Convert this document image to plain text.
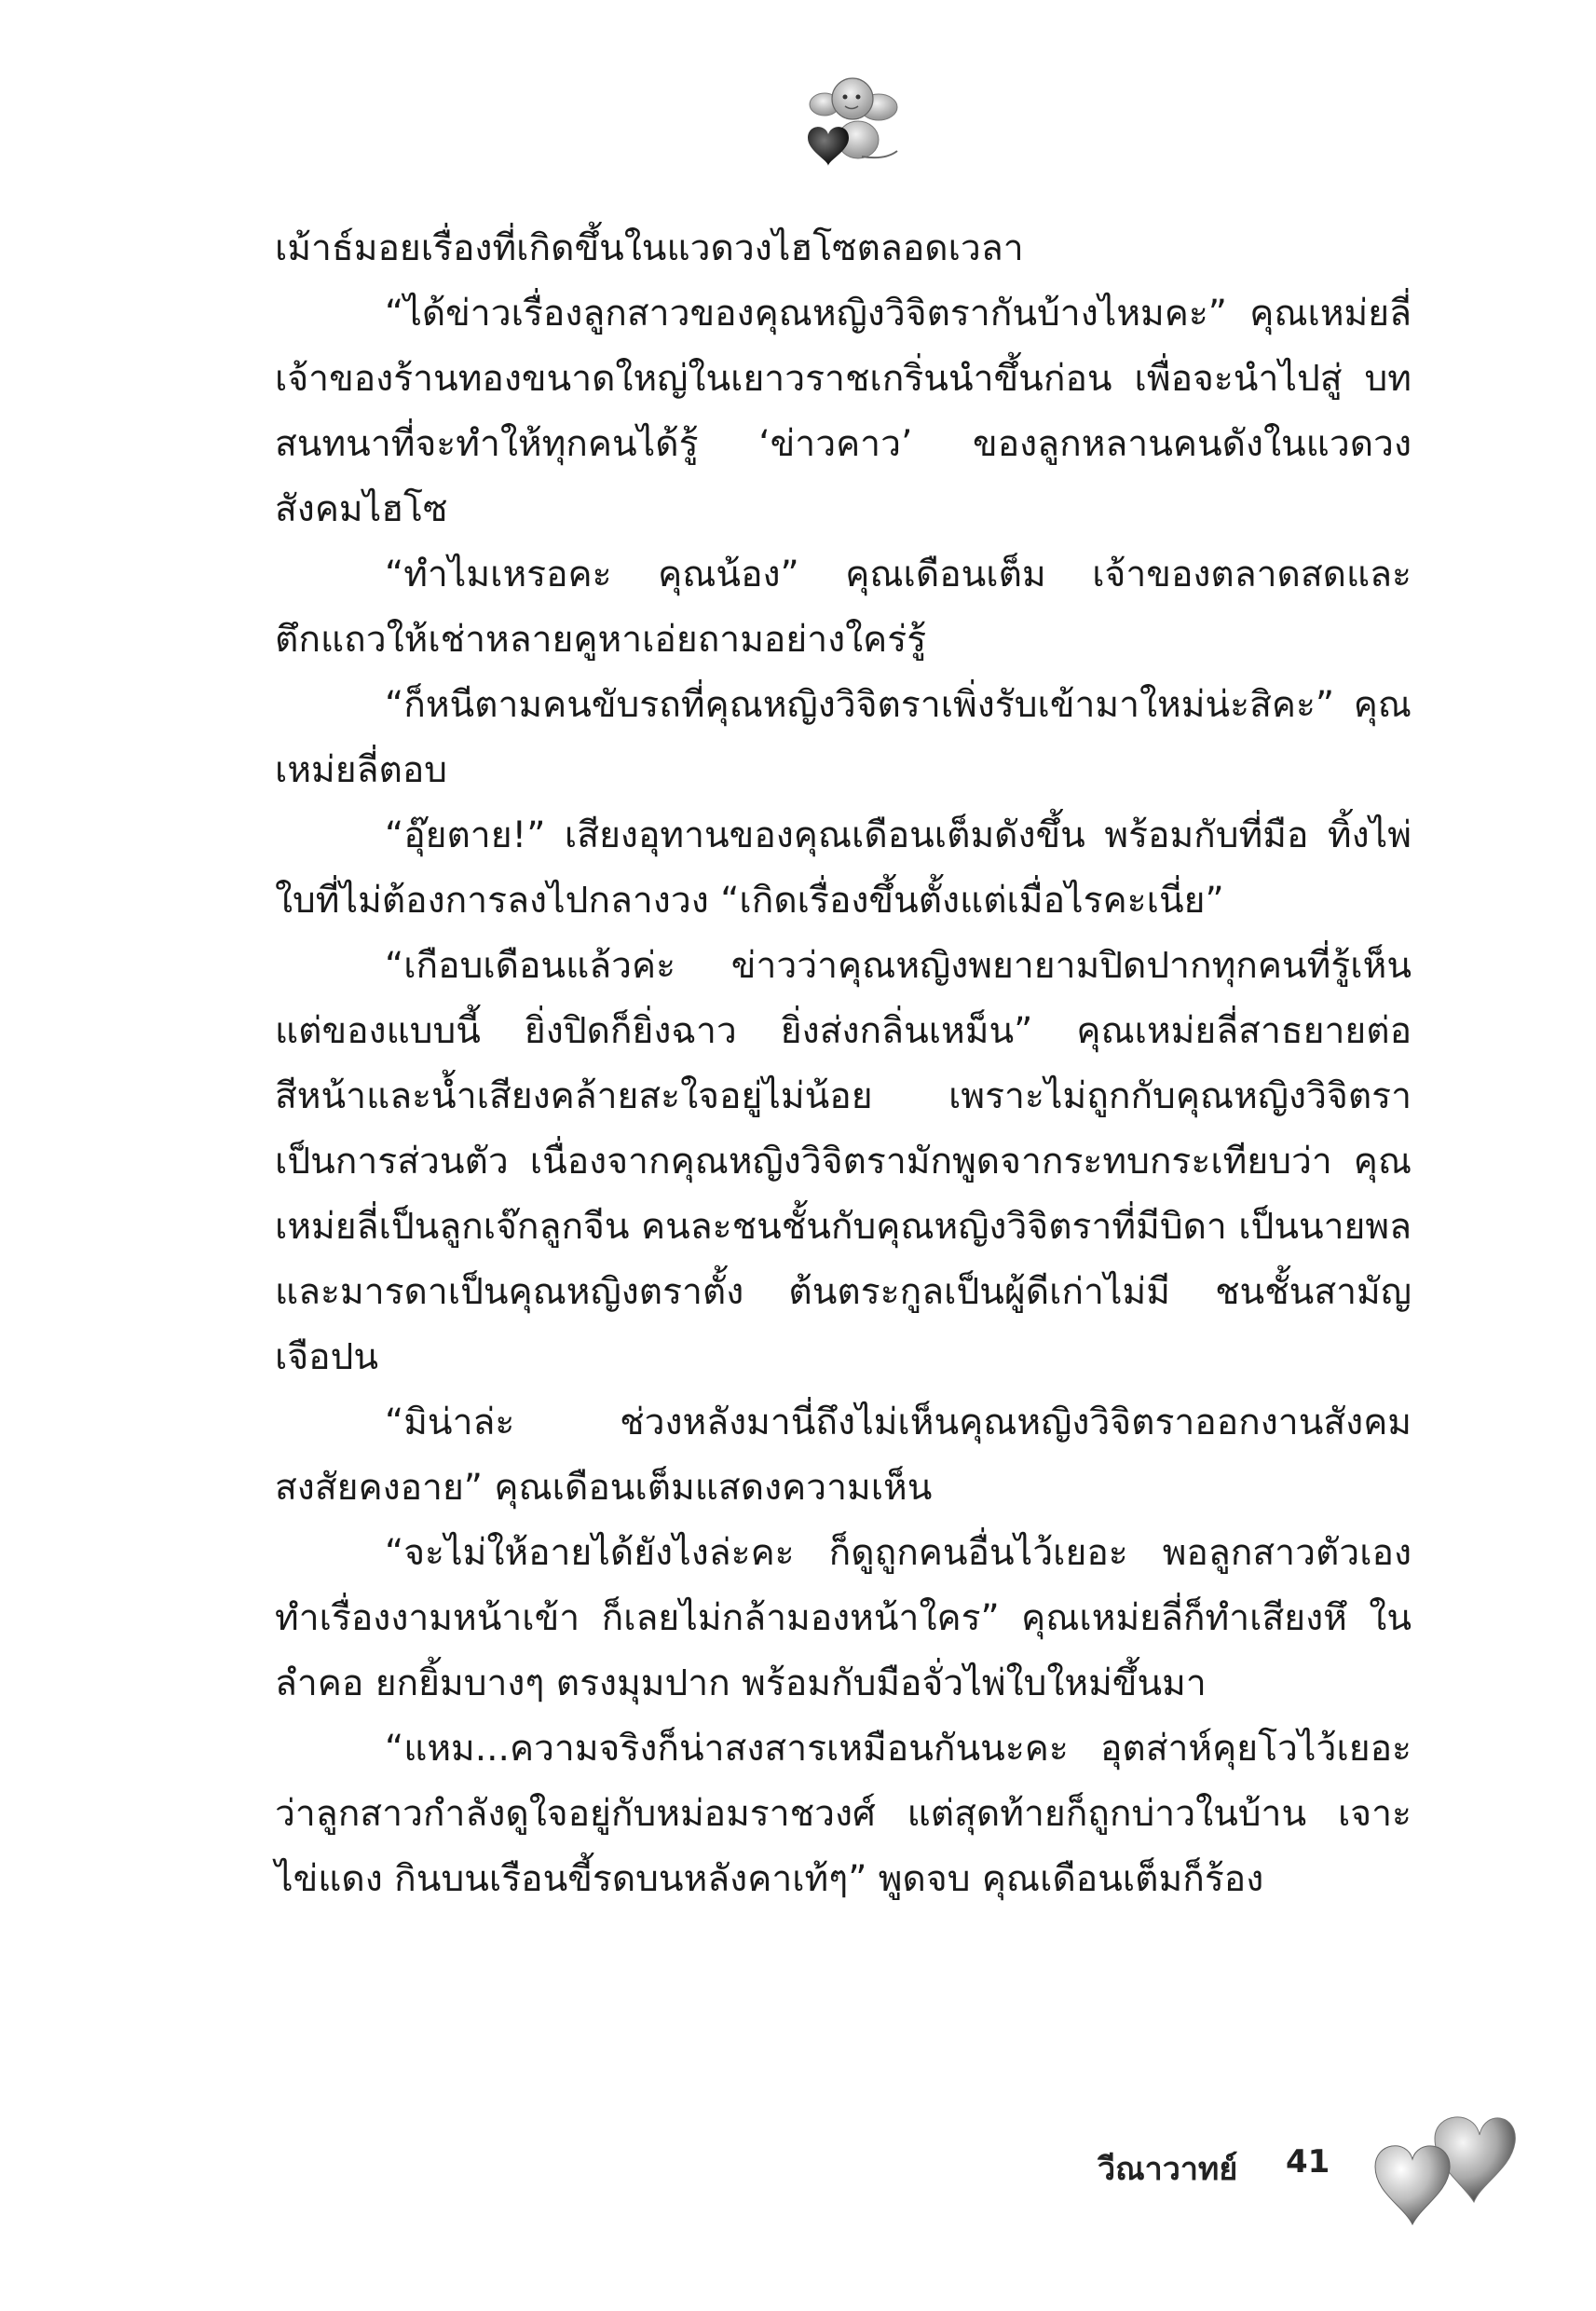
เม้าธ์มอยเรื่องที่เกิดขึ้นในแวดวงไฮโซตลอดเวลา

“ได้ข่าวเรื่องลูกสาวของคุณหญิงวิจิตรากันบ้างไหมคะ” คุณเหม่ยลี่ เจ้าของร้านทองขนาดใหญ่ในเยาวราชเกริ่นนำขึ้นก่อน เพื่อจะนำไปสู่ บทสนทนาที่จะทำให้ทุกคนได้รู้ ‘ข่าวคาว’ ของลูกหลานคนดังในแวดวง สังคมไฮโซ

“ทำไมเหรอคะ คุณน้อง” คุณเดือนเต็ม เจ้าของตลาดสดและ ตึกแถวให้เช่าหลายคูหาเอ่ยถามอย่างใคร่รู้

“ก็หนีตามคนขับรถที่คุณหญิงวิจิตราเพิ่งรับเข้ามาใหม่น่ะสิคะ” คุณเหม่ยลี่ตอบ

“อุ๊ยตาย!” เสียงอุทานของคุณเดือนเต็มดังขึ้น พร้อมกับที่มือ ทิ้งไพ่ใบที่ไม่ต้องการลงไปกลางวง “เกิดเรื่องขึ้นตั้งแต่เมื่อไรคะเนี่ย”

“เกือบเดือนแล้วค่ะ ข่าวว่าคุณหญิงพยายามปิดปากทุกคนที่รู้เห็น แต่ของแบบนี้ ยิ่งปิดก็ยิ่งฉาว ยิ่งส่งกลิ่นเหม็น” คุณเหม่ยลี่สาธยายต่อ สีหน้าและน้ำเสียงคล้ายสะใจอยู่ไม่น้อย เพราะไม่ถูกกับคุณหญิงวิจิตรา เป็นการส่วนตัว เนื่องจากคุณหญิงวิจิตรามักพูดจากระทบกระเทียบว่า คุณเหม่ยลี่เป็นลูกเจ๊กลูกจีน คนละชนชั้นกับคุณหญิงวิจิตราที่มีบิดา เป็นนายพล และมารดาเป็นคุณหญิงตราตั้ง ต้นตระกูลเป็นผู้ดีเก่าไม่มี ชนชั้นสามัญเจือปน

“มิน่าล่ะ ช่วงหลังมานี่ถึงไม่เห็นคุณหญิงวิจิตราออกงานสังคม สงสัยคงอาย” คุณเดือนเต็มแสดงความเห็น

“จะไม่ให้อายได้ยังไงล่ะคะ ก็ดูถูกคนอื่นไว้เยอะ พอลูกสาวตัวเอง ทำเรื่องงามหน้าเข้า ก็เลยไม่กล้ามองหน้าใคร” คุณเหม่ยลี่ก็ทำเสียงหึ ในลำคอ ยกยิ้มบางๆ ตรงมุมปาก พร้อมกับมือจั่วไพ่ใบใหม่ขึ้นมา

“แหม...ความจริงก็น่าสงสารเหมือนกันนะคะ อุตส่าห์คุยโวไว้เยอะ ว่าลูกสาวกำลังดูใจอยู่กับหม่อมราชวงศ์ แต่สุดท้ายก็ถูกบ่าวในบ้าน เจาะไข่แดง กินบนเรือนขี้รดบนหลังคาเท้ๆ” พูดจบ คุณเดือนเต็มก็ร้อง

วีณาวาทย์ 41
